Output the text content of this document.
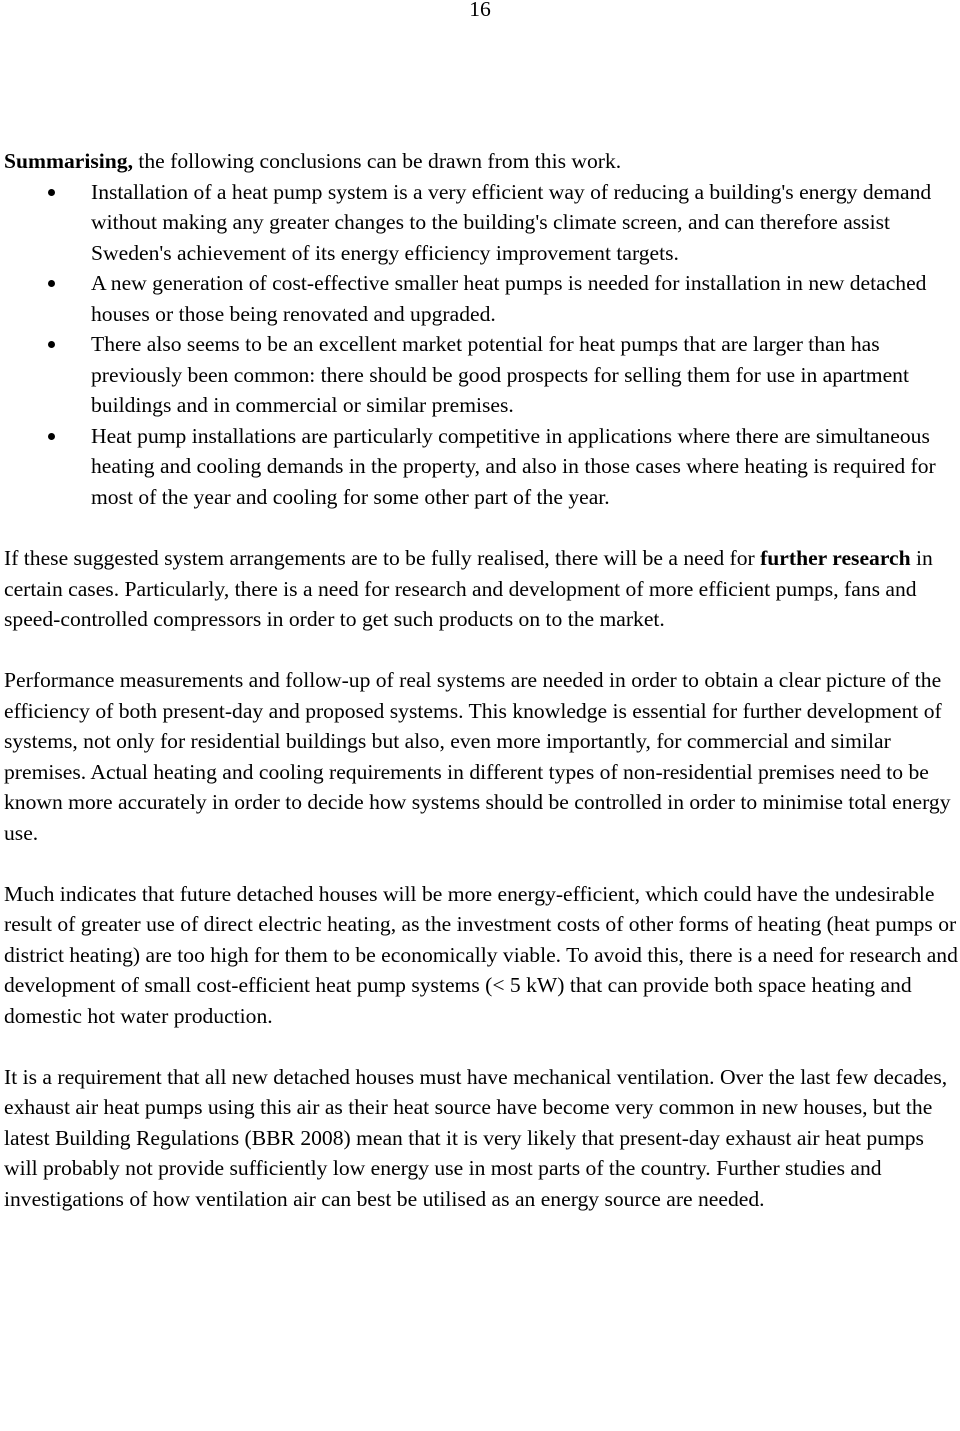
16

Summarising, the following conclusions can be drawn from this work.

Installation of a heat pump system is a very efficient way of reducing a building's energy demand without making any greater changes to the building's climate screen, and can therefore assist Sweden's achievement of its energy efficiency improvement targets.
A new generation of cost-effective smaller heat pumps is needed for installation in new detached houses or those being renovated and upgraded.
There also seems to be an excellent market potential for heat pumps that are larger than has previously been common: there should be good prospects for selling them for use in apartment buildings and in commercial or similar premises.
Heat pump installations are particularly competitive in applications where there are simultaneous heating and cooling demands in the property, and also in those cases where heating is required for most of the year and cooling for some other part of the year.

If these suggested system arrangements are to be fully realised, there will be a need for further research in certain cases. Particularly, there is a need for research and development of more efficient pumps, fans and speed-controlled compressors in order to get such products on to the market.

Performance measurements and follow-up of real systems are needed in order to obtain a clear picture of the efficiency of both present-day and proposed systems. This knowledge is essential for further development of systems, not only for residential buildings but also, even more importantly, for commercial and similar premises. Actual heating and cooling requirements in different types of non-residential premises need to be known more accurately in order to decide how systems should be controlled in order to minimise total energy use.

Much indicates that future detached houses will be more energy-efficient, which could have the undesirable result of greater use of direct electric heating, as the investment costs of other forms of heating (heat pumps or district heating) are too high for them to be economically viable. To avoid this, there is a need for research and development of small cost-efficient heat pump systems (< 5 kW) that can provide both space heating and domestic hot water production.

It is a requirement that all new detached houses must have mechanical ventilation. Over the last few decades, exhaust air heat pumps using this air as their heat source have become very common in new houses, but the latest Building Regulations (BBR 2008) mean that it is very likely that present-day exhaust air heat pumps will probably not provide sufficiently low energy use in most parts of the country. Further studies and investigations of how ventilation air can best be utilised as an energy source are needed.
